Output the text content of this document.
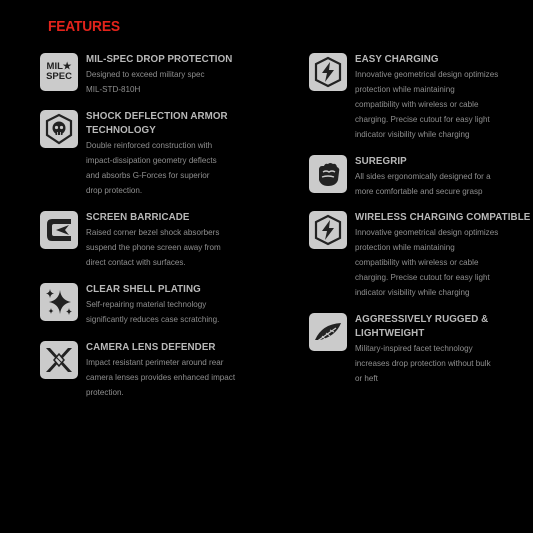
FEATURES
MIL★
SPEC
MIL-SPEC DROP PROTECTION
Designed to exceed military spec
MIL-STD-810H
SHOCK DEFLECTION ARMOR
TECHNOLOGY
Double reinforced construction with
impact-dissipation geometry deflects
and absorbs G-Forces for superior
drop protection.
SCREEN BARRICADE
Raised corner bezel shock absorbers
suspend the phone screen away from
direct contact with surfaces.
CLEAR SHELL PLATING
Self-repairing material technology
significantly reduces case scratching.
CAMERA LENS DEFENDER
Impact resistant perimeter around rear
camera lenses provides enhanced impact
protection.
EASY CHARGING
Innovative geometrical design optimizes
protection while maintaining
compatibility with wireless or cable
charging. Precise cutout for easy light
indicator visibility while charging
SUREGRIP
All sides ergonomically designed for a
more comfortable and secure grasp
WIRELESS CHARGING COMPATIBLE
Innovative geometrical design optimizes
protection while maintaining
compatibility with wireless or cable
charging. Precise cutout for easy light
indicator visibility while charging
AGGRESSIVELY RUGGED &
LIGHTWEIGHT
Military-inspired facet technology
increases drop protection without bulk
or heft
